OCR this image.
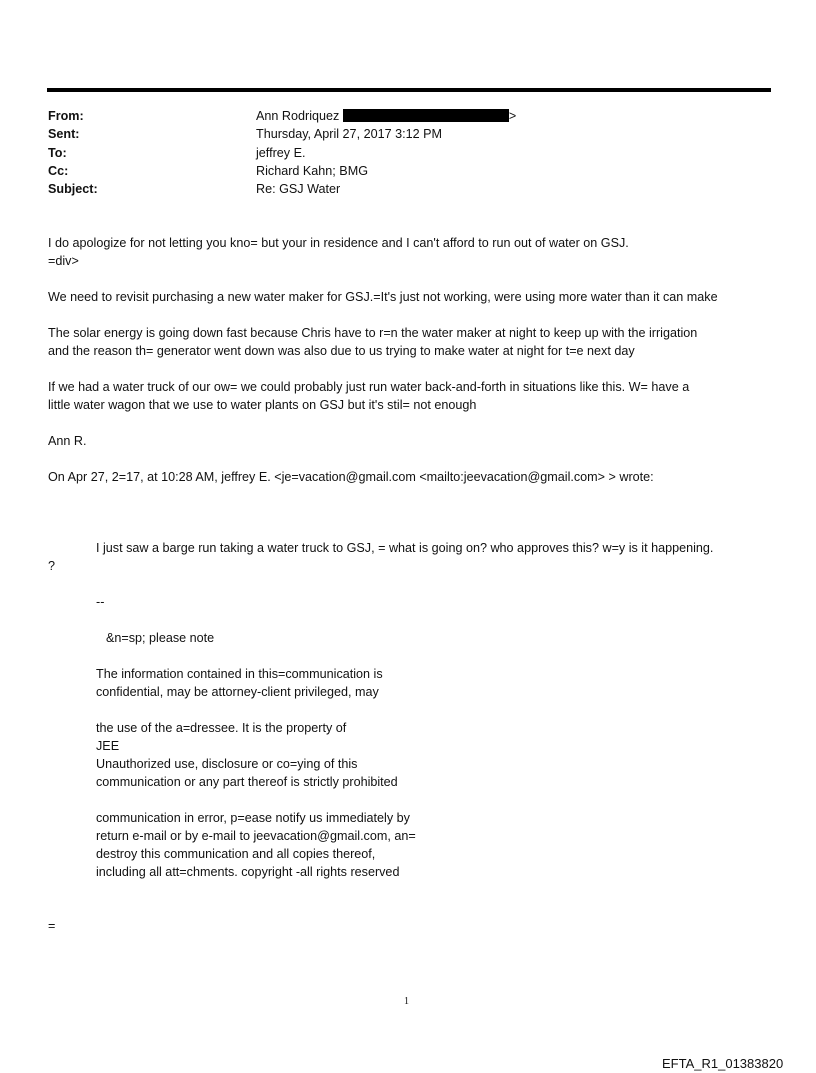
From:	Ann Rodriquez	>
Sent:	Thursday, April 27, 2017 3:12 PM
To:	jeffrey E.
Cc:	Richard Kahn; BMG
Subject:	Re: GSJ Water
I do apologize for not letting you kno= but your in residence and I can't afford to run out of water on GSJ.
=div>
We need to revisit purchasing a new water maker for GSJ.=It's just not working, were using more water than it can make
The solar energy is going down fast because Chris have to r=n the water maker at night to keep up with the irrigation
and the reason th= generator went down was also due to us trying to make water at night for t=e next day
If we had a water truck of our ow= we could probably just run water back-and-forth in situations like this. W= have a
little water wagon that we use to water plants on GSJ but it's stil= not enough
Ann R.
On Apr 27, 2=17, at 10:28 AM, jeffrey E. <je=vacation@gmail.com <mailto:jeevacation@gmail.com> > wrote:
I just saw a barge run taking a water truck to GSJ, = what is going on? who approves this? w=y is it happening.
?
--
&n=sp; please note
The information contained in this=communication is
confidential, may be attorney-client privileged, may
the use of the a=dressee. It is the property of
JEE
Unauthorized use, disclosure or co=ying of this
communication or any part thereof is strictly prohibited
communication in error, p=ease notify us immediately by
return e-mail or by e-mail to jeevacation@gmail.com, an=
destroy this communication and all copies thereof,
including all att=chments. copyright -all rights reserved
=
1
EFTA_R1_01383820
